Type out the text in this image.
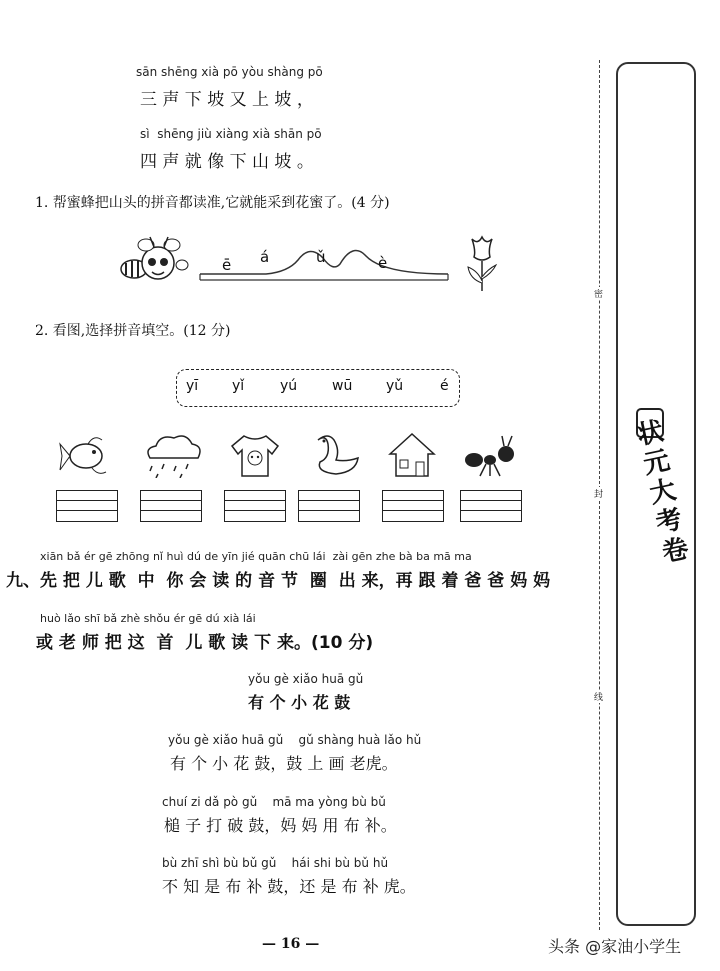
sān shēng xià pō yòu shàng pō
三 声 下 坡 又 上 坡 ，
sì  shēng jiù xiàng xià shān pō
四 声 就 像 下 山 坡 。
1. 帮蜜蜂把山头的拼音都读准,它就能采到花蜜了。(4 分)
ē á	ǔ	è
2. 看图,选择拼音填空。(12 分)
yī yǐ	yú wū yǔ	é
xiān bǎ ér gē zhōng nǐ huì dú de yīn jié quān chū lái  zài gēn zhe bà ba mā ma
九、先 把 儿 歌  中  你 会 读 的 音 节  圈  出 来，再 跟 着 爸 爸 妈 妈
huò lǎo shī bǎ zhè shǒu ér gē dú xià lái
或 老 师 把 这  首  儿 歌 读 下 来。(10 分)
yǒu gè xiǎo huā gǔ
有 个 小 花 鼓
yǒu gè xiǎo huā gǔ    gǔ shàng huà lǎo hǔ
有 个 小 花 鼓，鼓 上 画 老虎。
chuí zi dǎ pò gǔ    mā ma yòng bù bǔ
槌 子 打 破 鼓，妈 妈 用 布 补。
bù zhī shì bù bǔ gǔ    hái shi bù bǔ hǔ
不 知 是 布 补 鼓，还 是 布 补 虎。
密
封
线
状元大考卷
— 16 —	头条 @家油小学生
